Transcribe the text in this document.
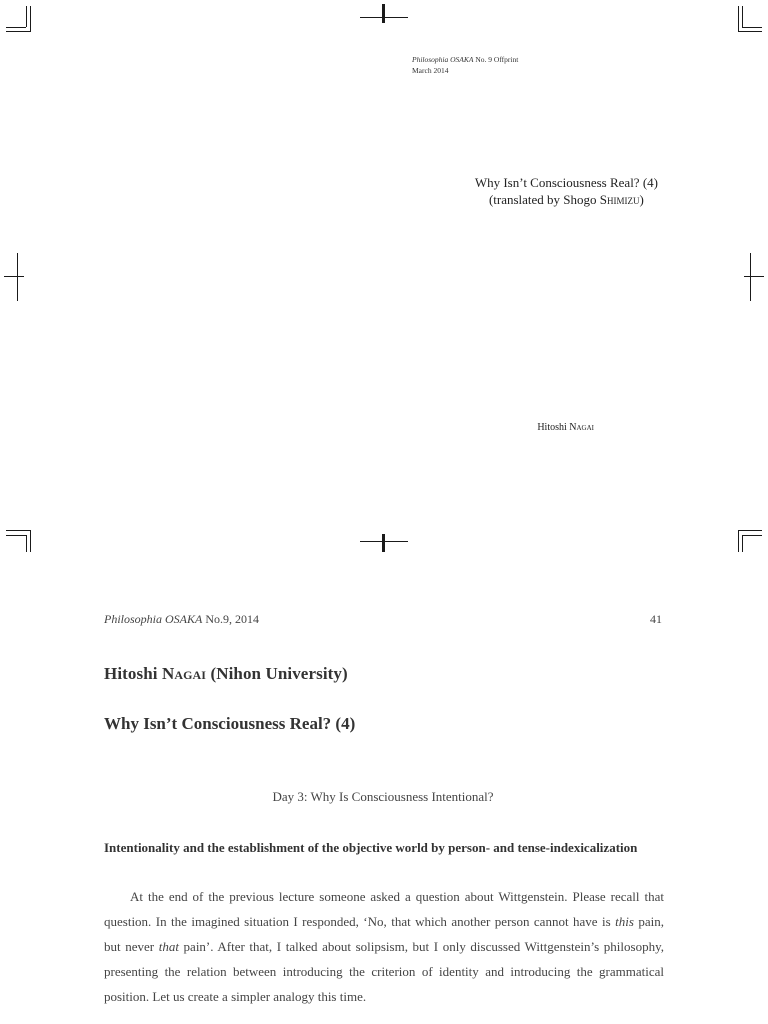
Philosophia OSAKA No. 9 Offprint
March 2014
Why Isn’t Consciousness Real? (4)
(translated by Shogo Shimizu)
Hitoshi Nagai
Philosophia OSAKA No.9, 2014	41
Hitoshi Nagai (Nihon University)
Why Isn’t Consciousness Real? (4)
Day 3: Why Is Consciousness Intentional?
Intentionality and the establishment of the objective world by person- and tense-indexicalization
At the end of the previous lecture someone asked a question about Wittgenstein. Please recall that question. In the imagined situation I responded, ‘No, that which another person cannot have is this pain, but never that pain’. After that, I talked about solipsism, but I only discussed Wittgenstein’s philosophy, presenting the relation between introducing the criterion of identity and introducing the grammatical position. Let us create a simpler analogy this time.
